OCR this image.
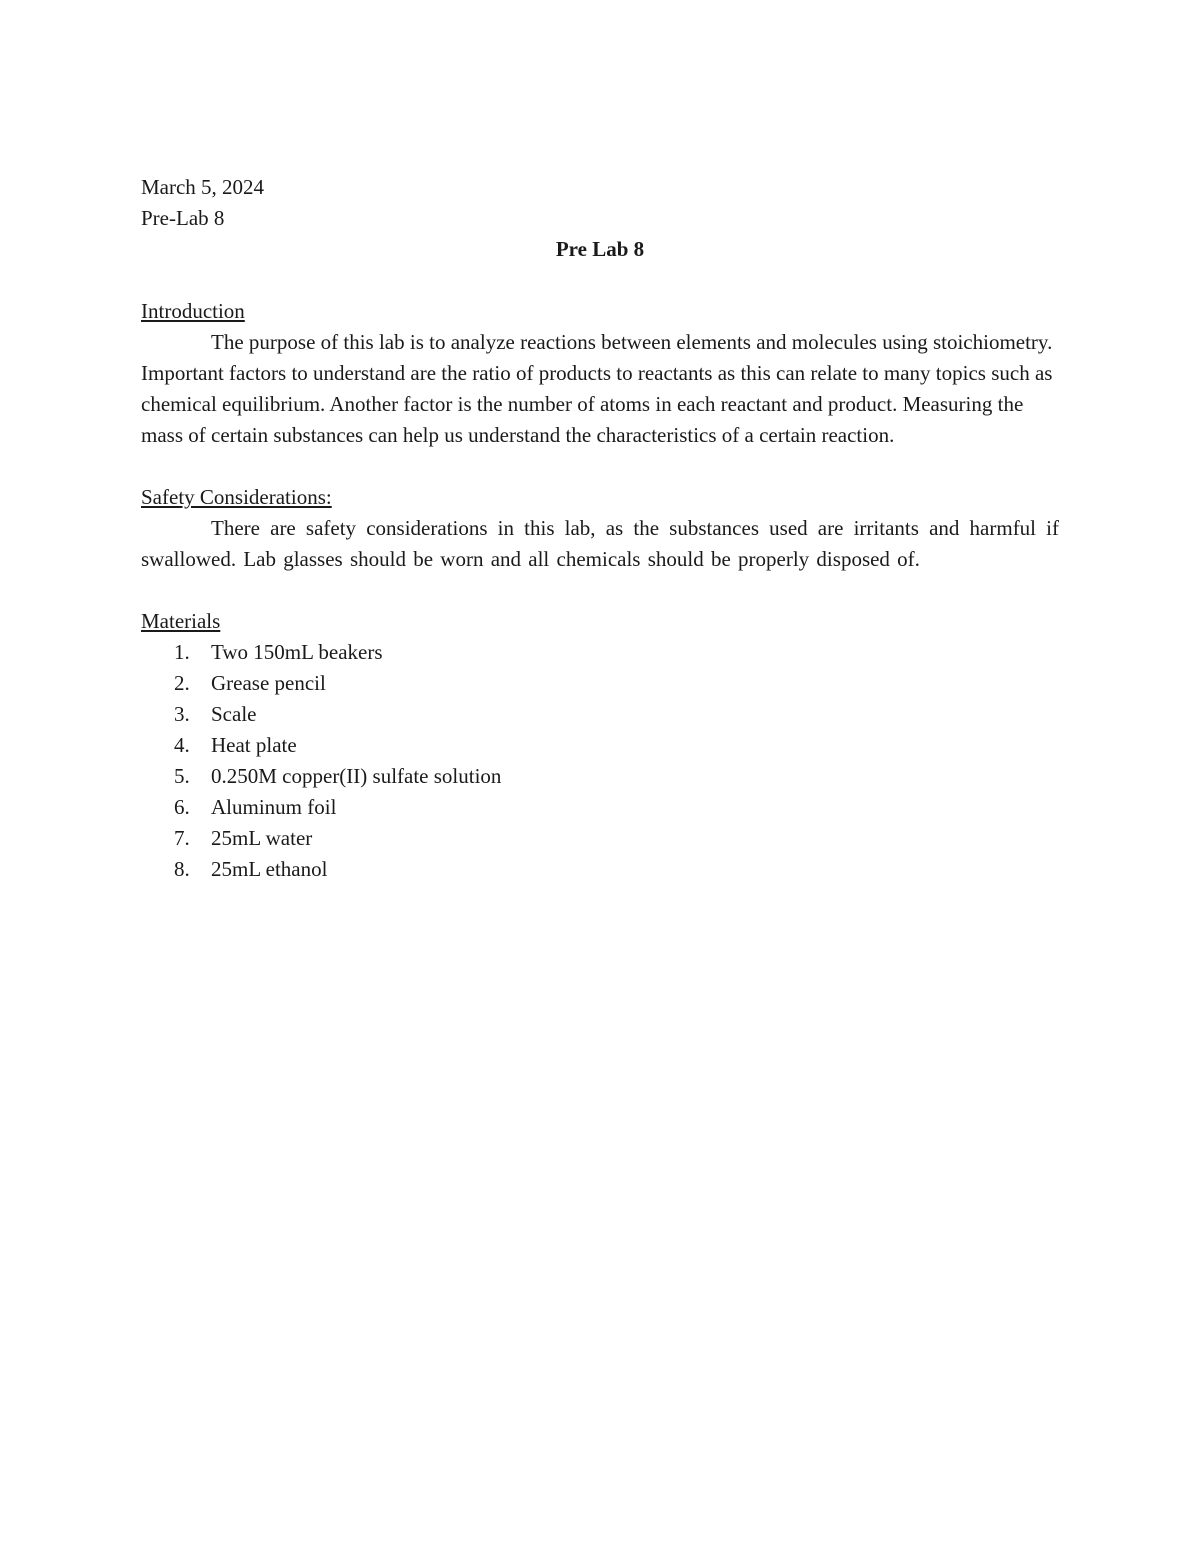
March 5, 2024
Pre-Lab 8
Pre Lab 8
Introduction

The purpose of this lab is to analyze reactions between elements and molecules using stoichiometry. Important factors to understand are the ratio of products to reactants as this can relate to many topics such as chemical equilibrium. Another factor is the number of atoms in each reactant and product. Measuring the mass of certain substances can help us understand the characteristics of a certain reaction.

Safety Considerations:

There are safety considerations in this lab, as the substances used are irritants and harmful if swallowed. Lab glasses should be worn and all chemicals should be properly disposed of.

Materials
1. Two 150mL beakers
2. Grease pencil
3. Scale
4. Heat plate
5. 0.250M copper(II) sulfate solution
6. Aluminum foil
7. 25mL water
8. 25mL ethanol
